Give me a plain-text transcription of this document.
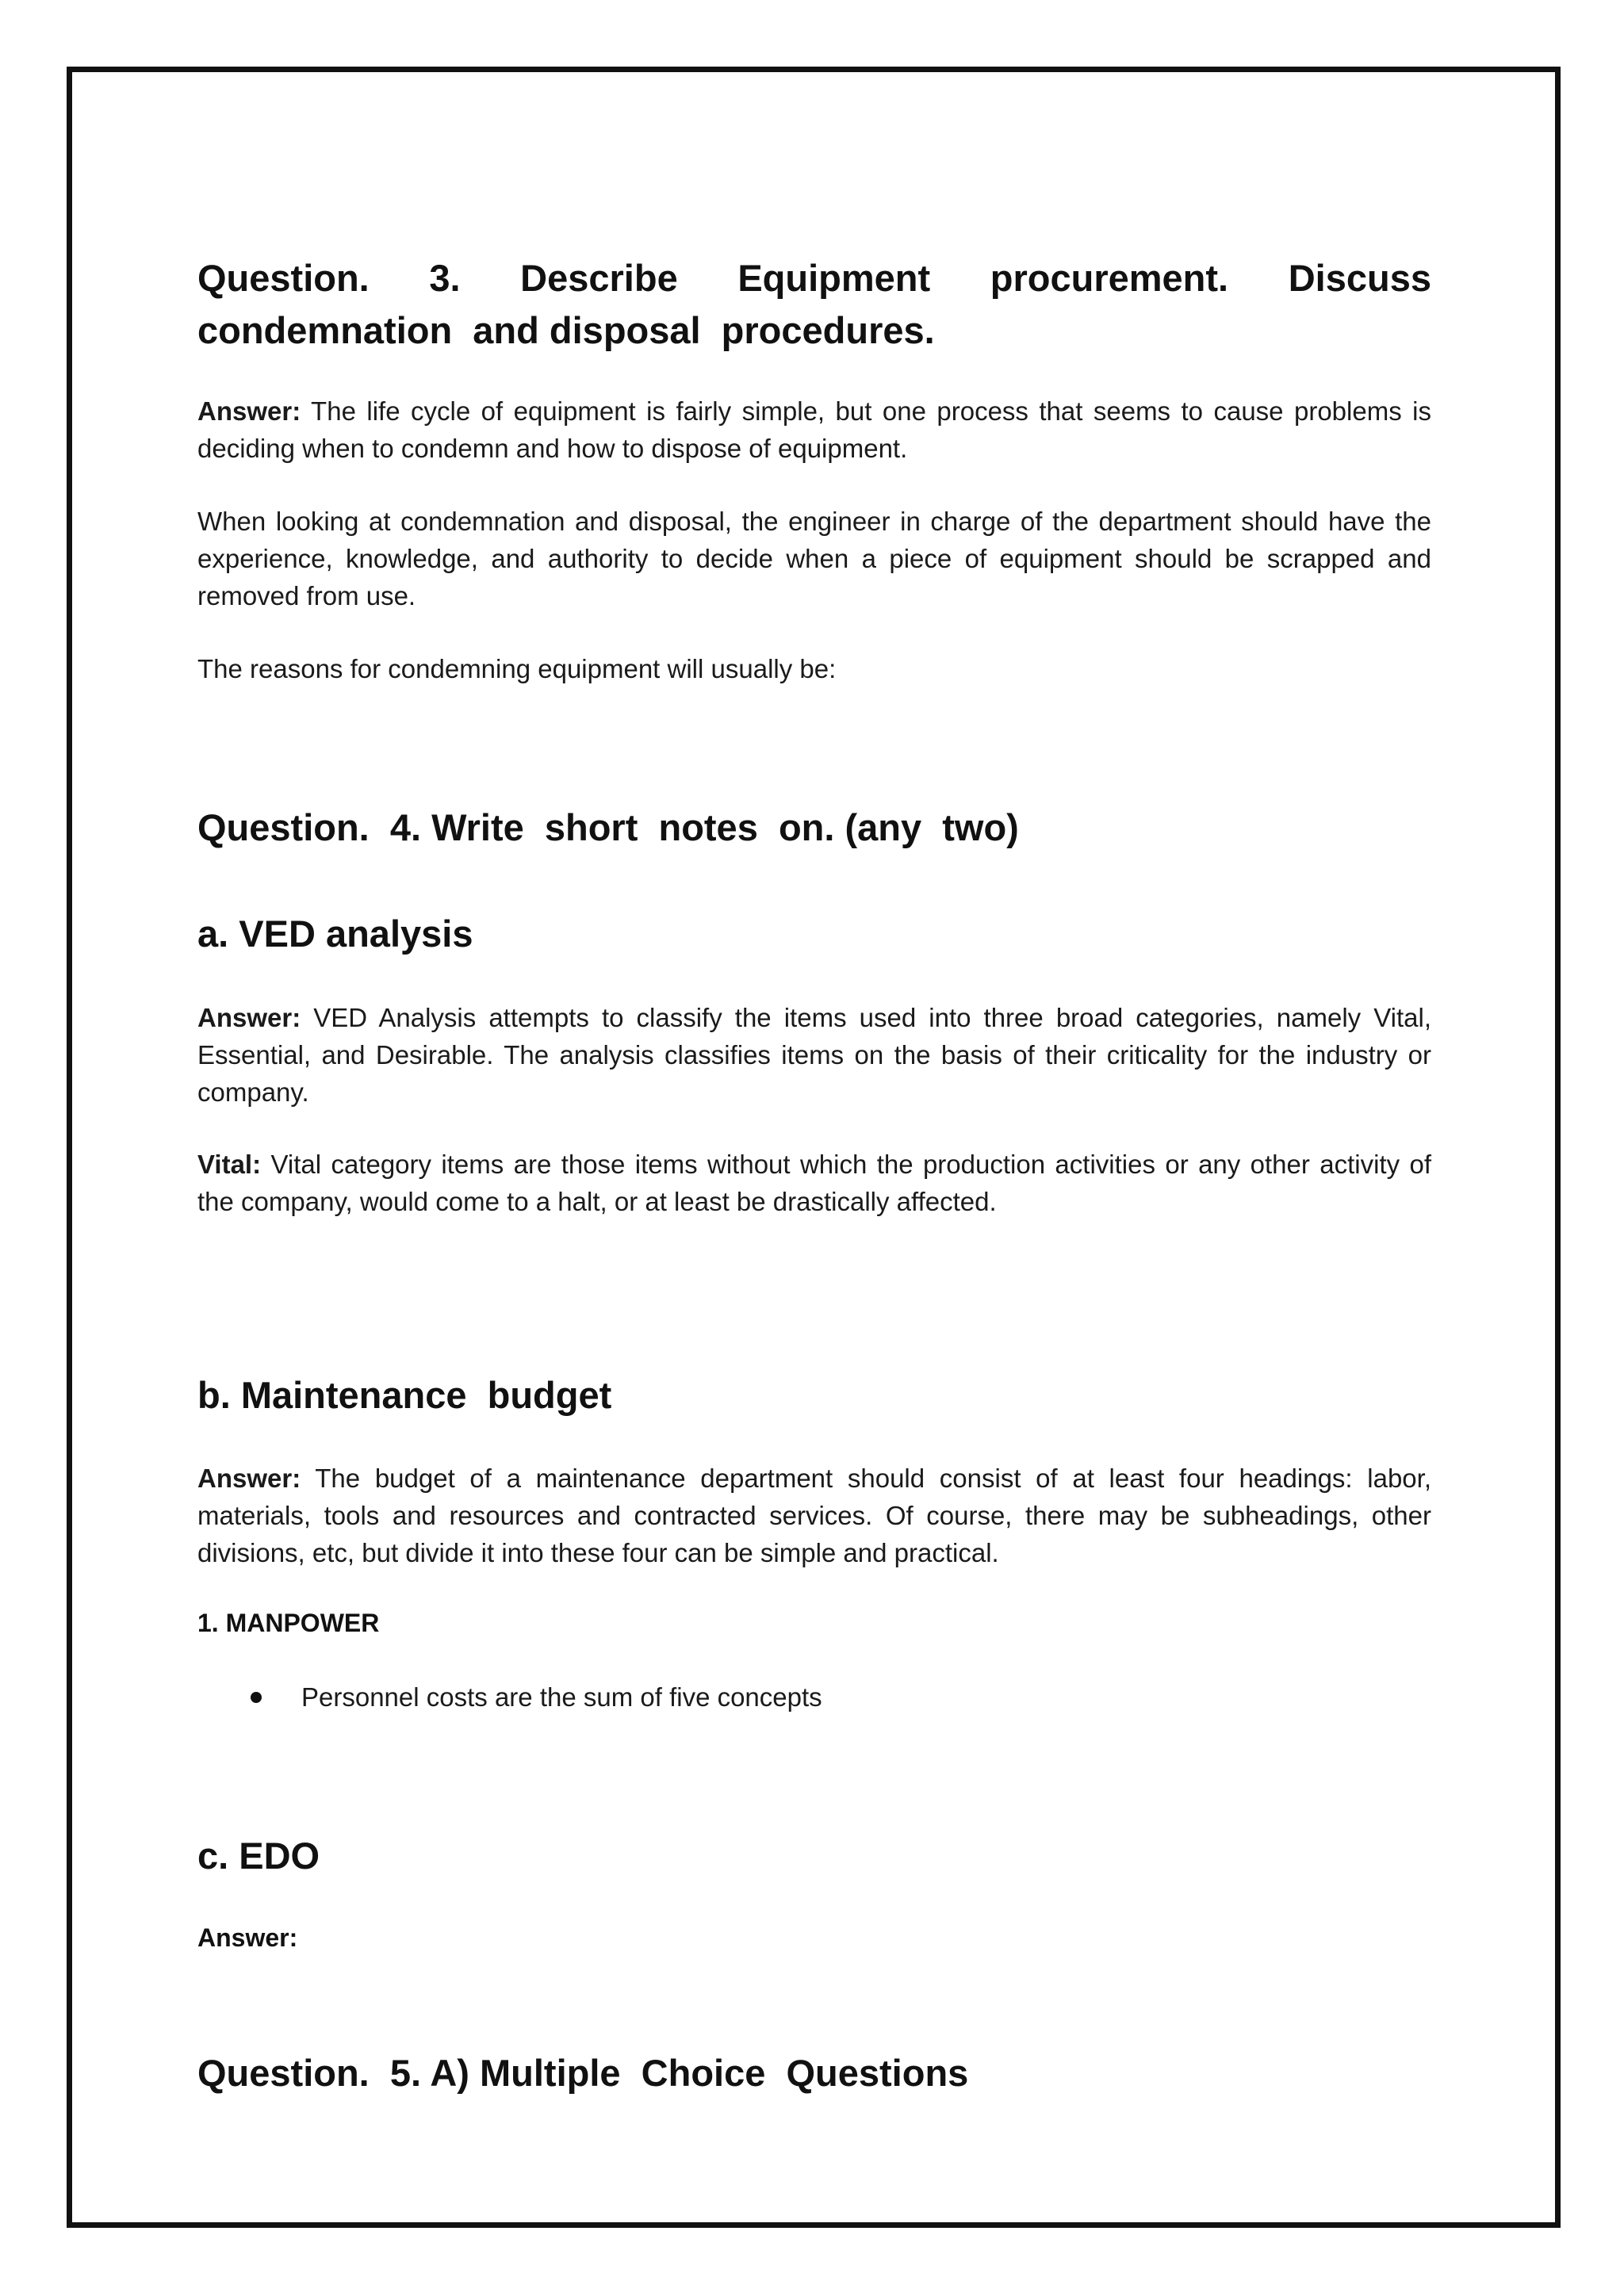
Question. 3. Describe Equipment procurement. Discuss
condemnation  and disposal  procedures.

Answer: The life cycle of equipment is fairly simple, but one process that seems to cause problems is deciding when to condemn and how to dispose of equipment.

When looking at condemnation and disposal, the engineer in charge of the department should have the experience, knowledge, and authority to decide when a piece of equipment should be scrapped and removed from use.

The reasons for condemning equipment will usually be:

Question.  4. Write  short  notes  on. (any  two)
a. VED analysis

Answer: VED Analysis attempts to classify the items used into three broad categories, namely Vital, Essential, and Desirable. The analysis classifies items on the basis of their criticality for the industry or company.

Vital: Vital category items are those items without which the production activities or any other activity of the company, would come to a halt, or at least be drastically affected.

b. Maintenance  budget

Answer: The budget of a maintenance department should consist of at least four headings: labor, materials, tools and resources and contracted services. Of course, there may be subheadings, other divisions, etc, but divide it into these four can be simple and practical.

1. MANPOWER

Personnel costs are the sum of five concepts

c. EDO

Answer:

Question.  5. A) Multiple  Choice  Questions
